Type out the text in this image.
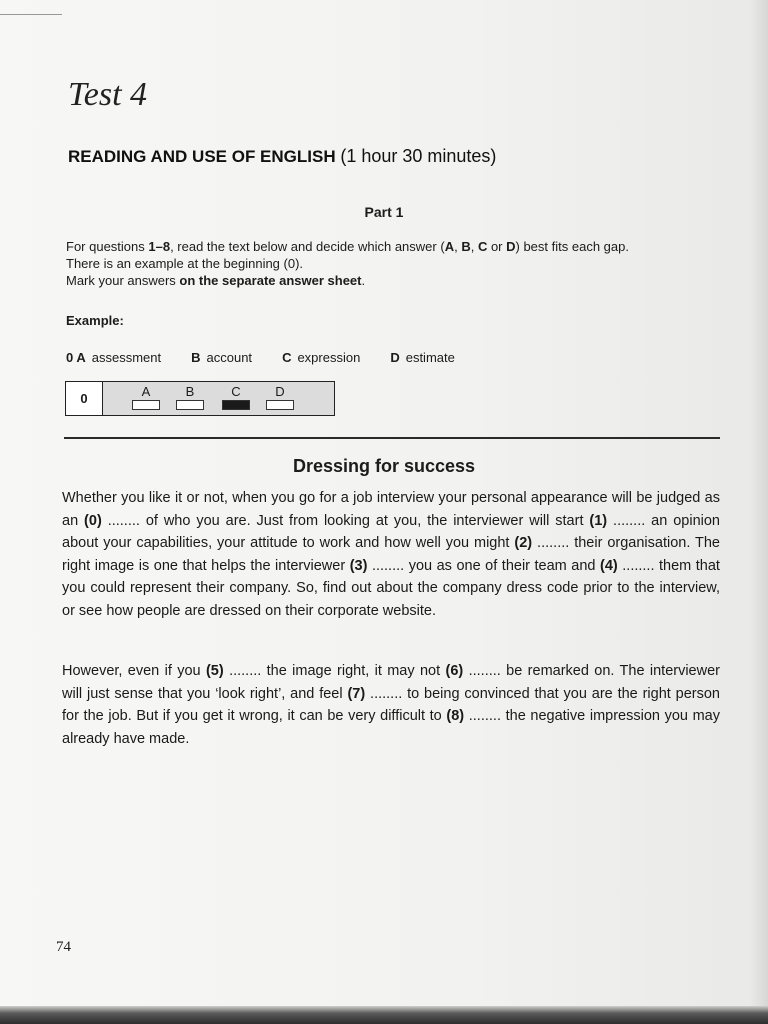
Test 4
READING AND USE OF ENGLISH (1 hour 30 minutes)
Part 1
For questions 1–8, read the text below and decide which answer (A, B, C or D) best fits each gap.
There is an example at the beginning (0).
Mark your answers on the separate answer sheet.
Example:
0 A assessment B account C expression D estimate
0	A	B	C	D
Dressing for success
Whether you like it or not, when you go for a job interview your personal appearance will be judged as an (0) ........ of who you are. Just from looking at you, the interviewer will start (1) ........ an opinion about your capabilities, your attitude to work and how well you might (2) ........ their organisation. The right image is one that helps the interviewer (3) ........ you as one of their team and (4) ........ them that you could represent their company. So, find out about the company dress code prior to the interview, or see how people are dressed on their corporate website.
However, even if you (5) ........ the image right, it may not (6) ........ be remarked on. The interviewer will just sense that you ‘look right’, and feel (7) ........ to being convinced that you are the right person for the job. But if you get it wrong, it can be very difficult to (8) ........ the negative impression you may already have made.
74
